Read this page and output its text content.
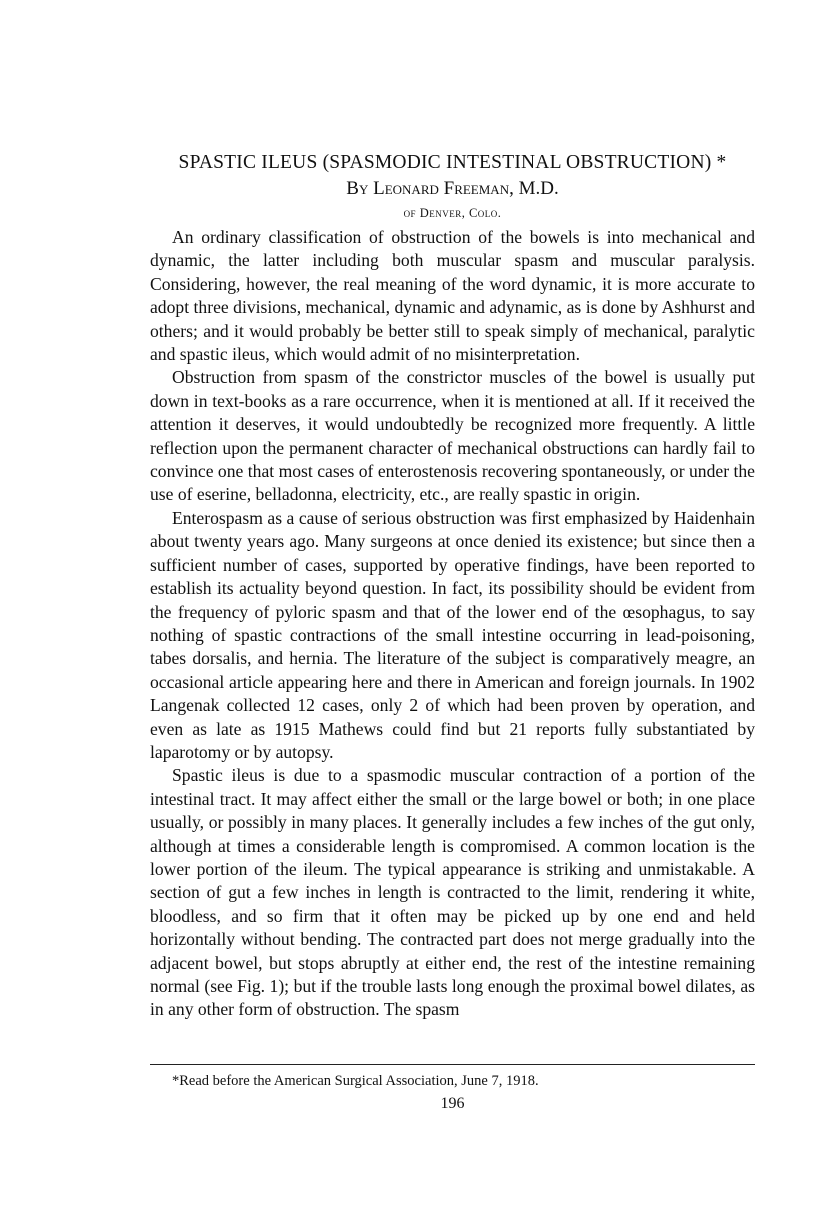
SPASTIC ILEUS (SPASMODIC INTESTINAL OBSTRUCTION) *
By Leonard Freeman, M.D.
of Denver, Colo.

An ordinary classification of obstruction of the bowels is into mechanical and dynamic, the latter including both muscular spasm and muscular paralysis. Considering, however, the real meaning of the word dynamic, it is more accurate to adopt three divisions, mechanical, dynamic and adynamic, as is done by Ashhurst and others; and it would probably be better still to speak simply of mechanical, paralytic and spastic ileus, which would admit of no misinterpretation.

Obstruction from spasm of the constrictor muscles of the bowel is usually put down in text-books as a rare occurrence, when it is mentioned at all. If it received the attention it deserves, it would undoubtedly be recognized more frequently. A little reflection upon the permanent character of mechanical obstructions can hardly fail to convince one that most cases of enterostenosis recovering spontaneously, or under the use of eserine, belladonna, electricity, etc., are really spastic in origin.

Enterospasm as a cause of serious obstruction was first emphasized by Haidenhain about twenty years ago. Many surgeons at once denied its existence; but since then a sufficient number of cases, supported by operative findings, have been reported to establish its actuality beyond question. In fact, its possibility should be evident from the frequency of pyloric spasm and that of the lower end of the œsophagus, to say nothing of spastic contractions of the small intestine occurring in lead-poisoning, tabes dorsalis, and hernia. The literature of the subject is comparatively meagre, an occasional article appearing here and there in American and foreign journals. In 1902 Langenak collected 12 cases, only 2 of which had been proven by operation, and even as late as 1915 Mathews could find but 21 reports fully substantiated by laparotomy or by autopsy.

Spastic ileus is due to a spasmodic muscular contraction of a portion of the intestinal tract. It may affect either the small or the large bowel or both; in one place usually, or possibly in many places. It generally includes a few inches of the gut only, although at times a considerable length is compromised. A common location is the lower portion of the ileum. The typical appearance is striking and unmistakable. A section of gut a few inches in length is contracted to the limit, rendering it white, bloodless, and so firm that it often may be picked up by one end and held horizontally without bending. The contracted part does not merge gradually into the adjacent bowel, but stops abruptly at either end, the rest of the intestine remaining normal (see Fig. 1); but if the trouble lasts long enough the proximal bowel dilates, as in any other form of obstruction. The spasm

*Read before the American Surgical Association, June 7, 1918.
196
